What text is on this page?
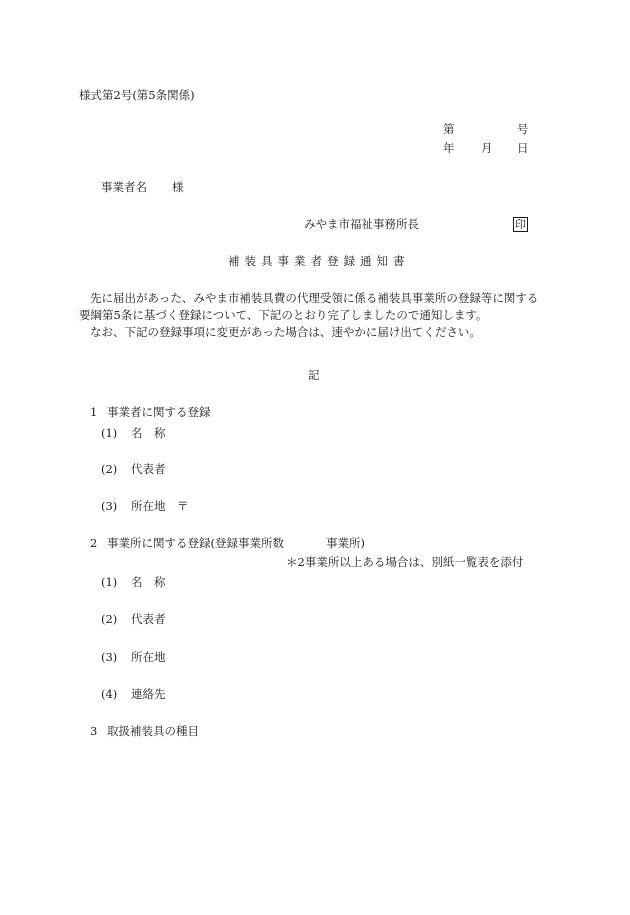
様式第2号(第5条関係)
第	号
年 月 日
事業者名 様
みやま市福祉事務所長	印
補装具事業者登録通知書
先に届出があった、みやま市補装具費の代理受領に係る補装具事業所の登録等に関する
要綱第5条に基づく登録について、下記のとおり完了しましたので通知します。
なお、下記の登録事項に変更があった場合は、速やかに届け出てください。
記
1 事業者に関する登録
(1) 名　称
(2) 代表者
(3) 所在地 〒
2 事業所に関する登録(登録事業所数	事業所)
＊2事業所以上ある場合は、別紙一覧表を添付
(1) 名　称
(2) 代表者
(3) 所在地
(4) 連絡先
3 取扱補装具の種目
